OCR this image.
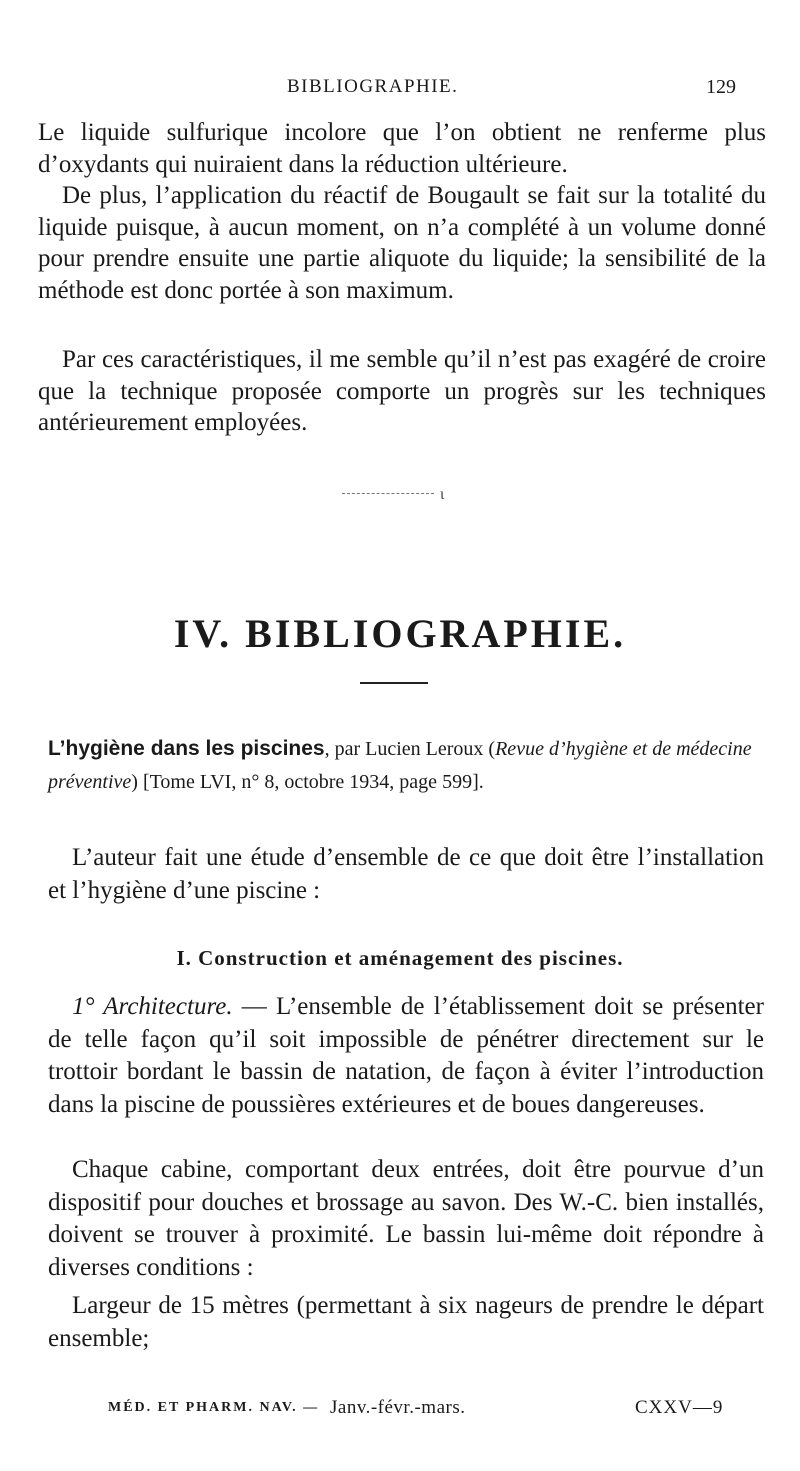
BIBLIOGRAPHIE.	129

Le liquide sulfurique incolore que l’on obtient ne renferme plus d’oxydants qui nuiraient dans la réduction ultérieure.

De plus, l’application du réactif de Bougault se fait sur la totalité du liquide puisque, à aucun moment, on n’a complété à un volume donné pour prendre ensuite une partie aliquote du liquide; la sensibilité de la méthode est donc portée à son maximum.

Par ces caractéristiques, il me semble qu’il n’est pas exagéré de croire que la technique proposée comporte un progrès sur les techniques antérieurement employées.

ι
IV. BIBLIOGRAPHIE.

L’hygiène dans les piscines, par Lucien Leroux (Revue d’hygiène et de médecine préventive) [Tome LVI, n° 8, octobre 1934, page 599].

L’auteur fait une étude d’ensemble de ce que doit être l’installation et l’hygiène d’une piscine :

I. Construction et aménagement des piscines.

1° Architecture. — L’ensemble de l’établissement doit se présenter de telle façon qu’il soit impossible de pénétrer directement sur le trottoir bordant le bassin de natation, de façon à éviter l’introduction dans la piscine de poussières extérieures et de boues dangereuses.

Chaque cabine, comportant deux entrées, doit être pourvue d’un dispositif pour douches et brossage au savon. Des W.-C. bien installés, doivent se trouver à proximité. Le bassin lui-même doit répondre à diverses conditions :

Largeur de 15 mètres (permettant à six nageurs de prendre le départ ensemble;

MÉD. ET PHARM. NAV. — Janv.-févr.-mars.	CXXV—9
